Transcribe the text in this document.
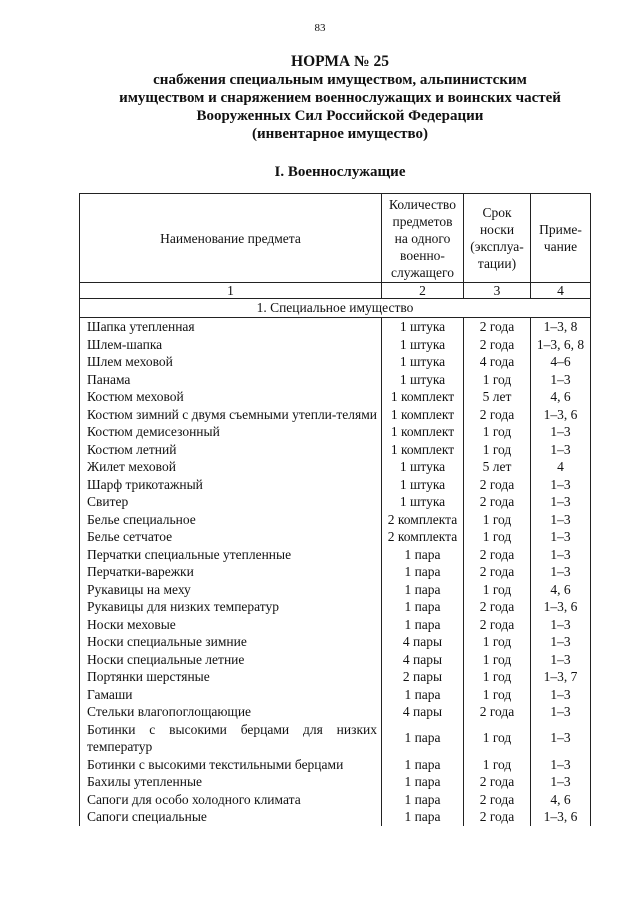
83
НОРМА № 25
снабжения специальным имуществом, альпинистским
имуществом и снаряжением военнослужащих и воинских частей
Вооруженных Сил Российской Федерации
(инвентарное имущество)
I. Военнослужащие
Наименование предмета	Количество предметов на одного военно-служащего	Срок носки (эксплуа-тации)	Приме-чание
1	2	3	4
1. Специальное имущество			
Шапка утепленная	1 штука	2 года	1–3, 8
Шлем-шапка	1 штука	2 года	1–3, 6, 8
Шлем меховой	1 штука	4 года	4–6
Панама	1 штука	1 год	1–3
Костюм меховой	1 комплект	5 лет	4, 6
Костюм зимний с двумя съемными утепли-телями	1 комплект	2 года	1–3, 6
Костюм демисезонный	1 комплект	1 год	1–3
Костюм летний	1 комплект	1 год	1–3
Жилет меховой	1 штука	5 лет	4
Шарф трикотажный	1 штука	2 года	1–3
Свитер	1 штука	2 года	1–3
Белье специальное	2 комплекта	1 год	1–3
Белье сетчатое	2 комплекта	1 год	1–3
Перчатки специальные утепленные	1 пара	2 года	1–3
Перчатки-варежки	1 пара	2 года	1–3
Рукавицы на меху	1 пара	1 год	4, 6
Рукавицы для низких температур	1 пара	2 года	1–3, 6
Носки меховые	1 пара	2 года	1–3
Носки специальные зимние	4 пары	1 год	1–3
Носки специальные летние	4 пары	1 год	1–3
Портянки шерстяные	2 пары	1 год	1–3, 7
Гамаши	1 пара	1 год	1–3
Стельки влагопоглощающие	4 пары	2 года	1–3
Ботинки с высокими берцами для низких температур	1 пара	1 год	1–3
Ботинки с высокими текстильными берцами	1 пара	1 год	1–3
Бахилы утепленные	1 пара	2 года	1–3
Сапоги для особо холодного климата	1 пара	2 года	4, 6
Сапоги специальные	1 пара	2 года	1–3, 6
